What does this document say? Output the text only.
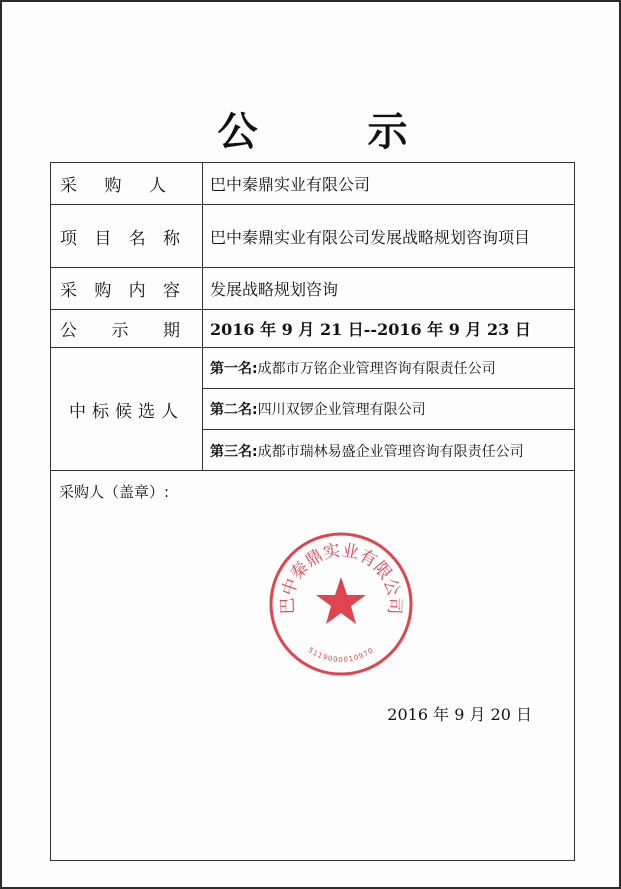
公 示
采 购 人	巴中秦鼎实业有限公司
项 目 名 称	巴中秦鼎实业有限公司发展战略规划咨询项目
采 购 内 容	发展战略规划咨询
公 示 期	2016 年 9 月 21 日--2016 年 9 月 23 日
中标候选人
第一名: 成都市万铭企业管理咨询有限责任公司
第二名: 四川双锣企业管理有限公司
第三名: 成都市瑞林易盛企业管理咨询有限责任公司
采购人（盖章）:
巴中秦鼎实业有限公司
5119000010970
2016 年 9 月 20 日
